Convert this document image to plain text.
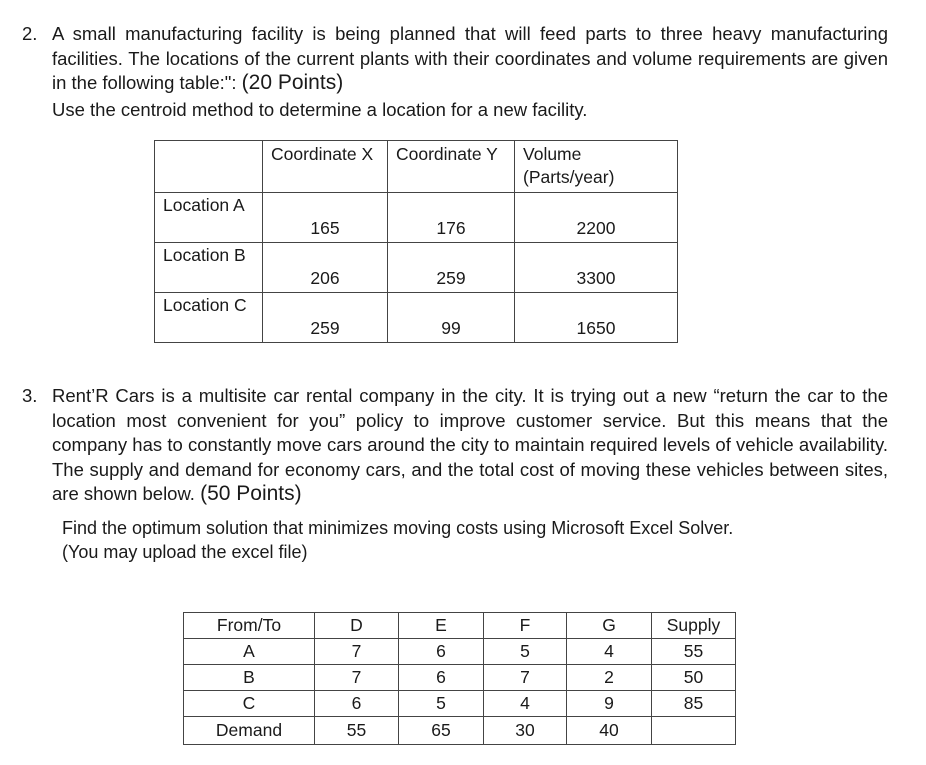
2. A small manufacturing facility is being planned that will feed parts to three heavy manufacturing facilities. The locations of the current plants with their coordinates and volume requirements are given in the following table:": (20 Points)
Use the centroid method to determine a location for a new facility.
	Coordinate X	Coordinate Y	Volume (Parts/year)
Location A	165	176	2200
Location B	206	259	3300
Location C	259	99	1650
3. Rent’R Cars is a multisite car rental company in the city. It is trying out a new “return the car to the location most convenient for you” policy to improve customer service. But this means that the company has to constantly move cars around the city to maintain required levels of vehicle availability. The supply and demand for economy cars, and the total cost of moving these vehicles between sites, are shown below. (50 Points)
Find the optimum solution that minimizes moving costs using Microsoft Excel Solver.
(You may upload the excel file)
From/To	D	E	F	G	Supply
A	7	6	5	4	55
B	7	6	7	2	50
C	6	5	4	9	85
Demand	55	65	30	40	
